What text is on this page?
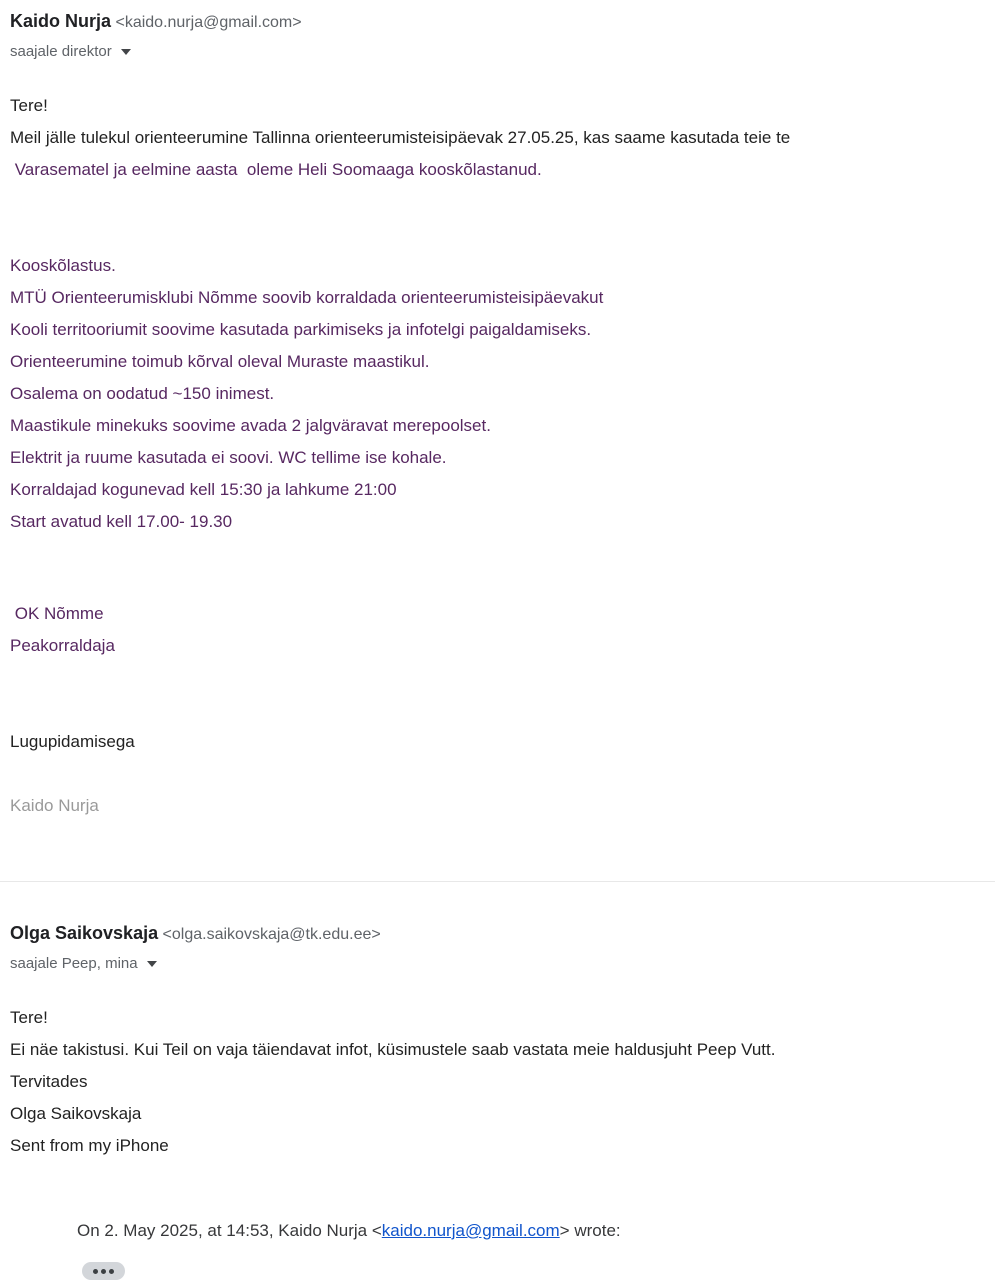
Kaido Nurja <kaido.nurja@gmail.com>
saajale direktor
Tere!
Meil jälle tulekul orienteerumine Tallinna orienteerumisteisipäevak 27.05.25, kas saame kasutada teie te
Varasematel ja eelmine aasta  oleme Heli Soomaaga kooskõlastanud.
Kooskõlastus.
MTÜ Orienteerumisklubi Nõmme soovib korraldada orienteerumisteisipäevakut
Kooli territooriumit soovime kasutada parkimiseks ja infotelgi paigaldamiseks.
Orienteerumine toimub kõrval oleval Muraste maastikul.
Osalema on oodatud ~150 inimest.
Maastikule minekuks soovime avada 2 jalgväravat merepoolset.
Elektrit ja ruume kasutada ei soovi. WC tellime ise kohale.
Korraldajad kogunevad kell 15:30 ja lahkume 21:00
Start avatud kell 17.00- 19.30
OK Nõmme
Peakorraldaja
Lugupidamisega
Kaido Nurja
Olga Saikovskaja <olga.saikovskaja@tk.edu.ee>
saajale Peep, mina
Tere!
Ei näe takistusi. Kui Teil on vaja täiendavat infot, küsimustele saab vastata meie haldusjuht Peep Vutt.
Tervitades
Olga Saikovskaja
Sent from my iPhone
On 2. May 2025, at 14:53, Kaido Nurja <kaido.nurja@gmail.com> wrote:
